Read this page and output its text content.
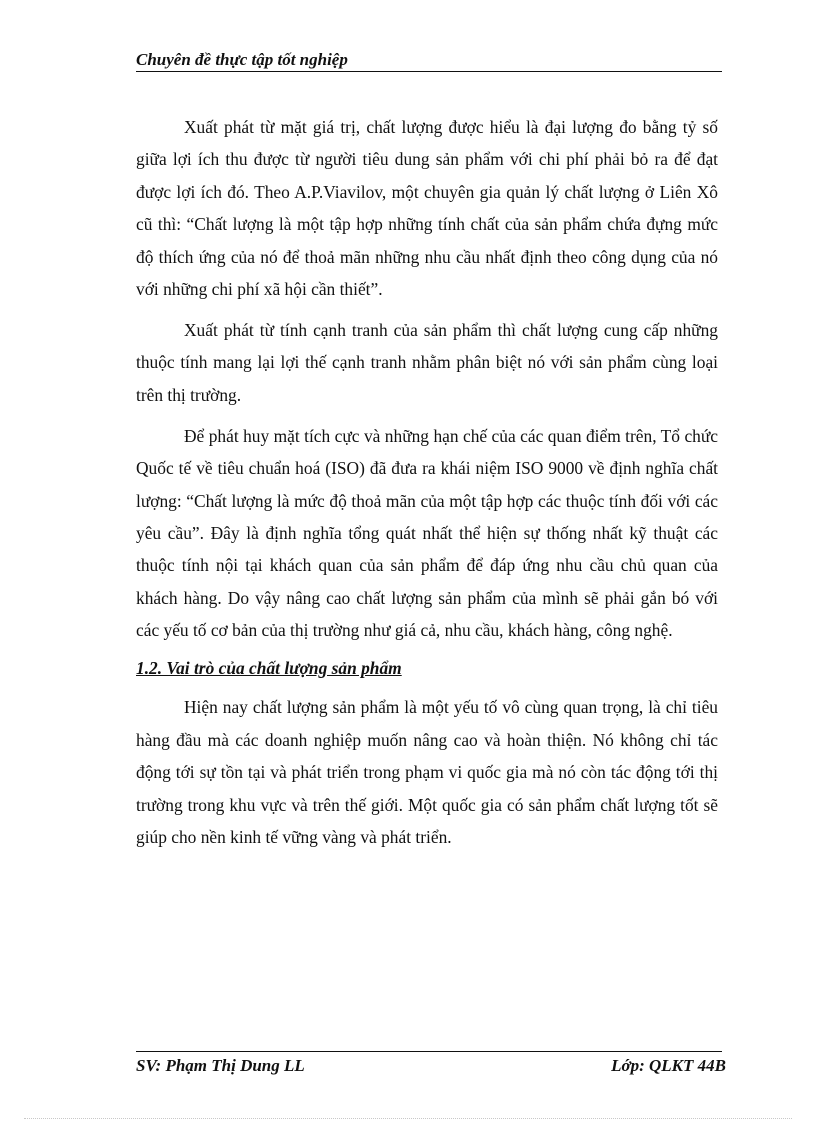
Chuyên đề thực tập tốt nghiệp

Xuất phát từ mặt giá trị, chất lượng được hiểu là đại lượng đo bằng tỷ số giữa lợi ích thu được từ người tiêu dung sản phẩm với chi phí phải bỏ ra để đạt được lợi ích đó. Theo A.P.Viavilov, một chuyên gia quản lý chất lượng ở Liên Xô cũ thì: “Chất lượng là một tập hợp những tính chất của sản phẩm chứa đựng mức độ thích ứng của nó để thoả mãn những nhu cầu nhất định theo công dụng của nó với những chi phí xã hội cần thiết”.

Xuất phát từ tính cạnh tranh của sản phẩm thì chất lượng cung cấp những thuộc tính mang lại lợi thế cạnh tranh nhằm phân biệt nó với sản phẩm cùng loại trên thị trường.

Để phát huy mặt tích cực và những hạn chế của các quan điểm trên, Tổ chức Quốc tế về tiêu chuẩn hoá (ISO) đã đưa ra khái niệm ISO 9000 về định nghĩa chất lượng: “Chất lượng là mức độ thoả mãn của một tập hợp các thuộc tính đối với các yêu cầu”. Đây là định nghĩa tổng quát nhất thể hiện sự thống nhất kỹ thuật các thuộc tính nội tại khách quan của sản phẩm để đáp ứng nhu cầu chủ quan của khách hàng. Do vậy nâng cao chất lượng sản phẩm của mình sẽ phải gắn bó với các yếu tố cơ bản của thị trường như giá cả, nhu cầu, khách hàng, công nghệ.

1.2. Vai trò của chất lượng sản phẩm

Hiện nay chất lượng sản phẩm là một yếu tố vô cùng quan trọng, là chỉ tiêu hàng đầu mà các doanh nghiệp muốn nâng cao và hoàn thiện. Nó không chỉ tác động tới sự tồn tại và phát triển trong phạm vi quốc gia mà nó còn tác động tới thị trường trong khu vực và trên thế giới. Một quốc gia có sản phẩm chất lượng tốt sẽ giúp cho nền kinh tế vững vàng và phát triển.

SV: Phạm Thị Dung LL	Lớp: QLKT 44B
